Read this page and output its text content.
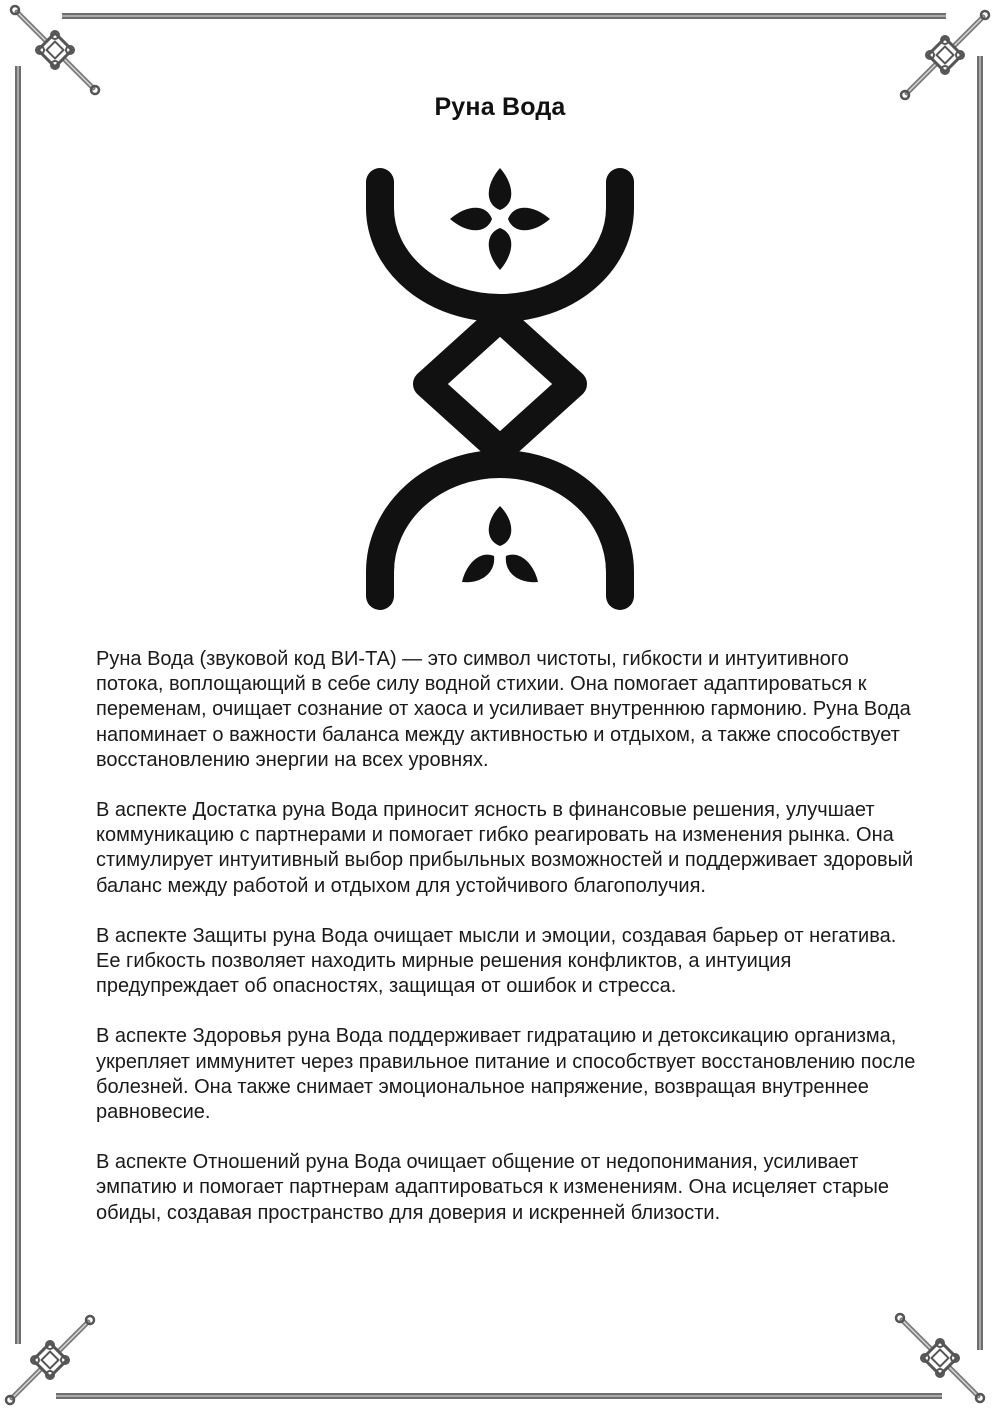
Руна Вода

Руна Вода (звуковой код ВИ-ТА) — это символ чистоты, гибкости и интуитивного потока, воплощающий в себе силу водной стихии. Она помогает адаптироваться к переменам, очищает сознание от хаоса и усиливает внутреннюю гармонию. Руна Вода напоминает о важности баланса между активностью и отдыхом, а также способствует восстановлению энергии на всех уровнях.

В аспекте Достатка руна Вода приносит ясность в финансовые решения, улучшает коммуникацию с партнерами и помогает гибко реагировать на изменения рынка. Она стимулирует интуитивный выбор прибыльных возможностей и поддерживает здоровый баланс между работой и отдыхом для устойчивого благополучия.

В аспекте Защиты руна Вода очищает мысли и эмоции, создавая барьер от негатива. Ее гибкость позволяет находить мирные решения конфликтов, а интуиция предупреждает об опасностях, защищая от ошибок и стресса.

В аспекте Здоровья руна Вода поддерживает гидратацию и детоксикацию организма, укрепляет иммунитет через правильное питание и способствует восстановлению после болезней. Она также снимает эмоциональное напряжение, возвращая внутреннее равновесие.

В аспекте Отношений руна Вода очищает общение от недопонимания, усиливает эмпатию и помогает партнерам адаптироваться к изменениям. Она исцеляет старые обиды, создавая пространство для доверия и искренней близости.
